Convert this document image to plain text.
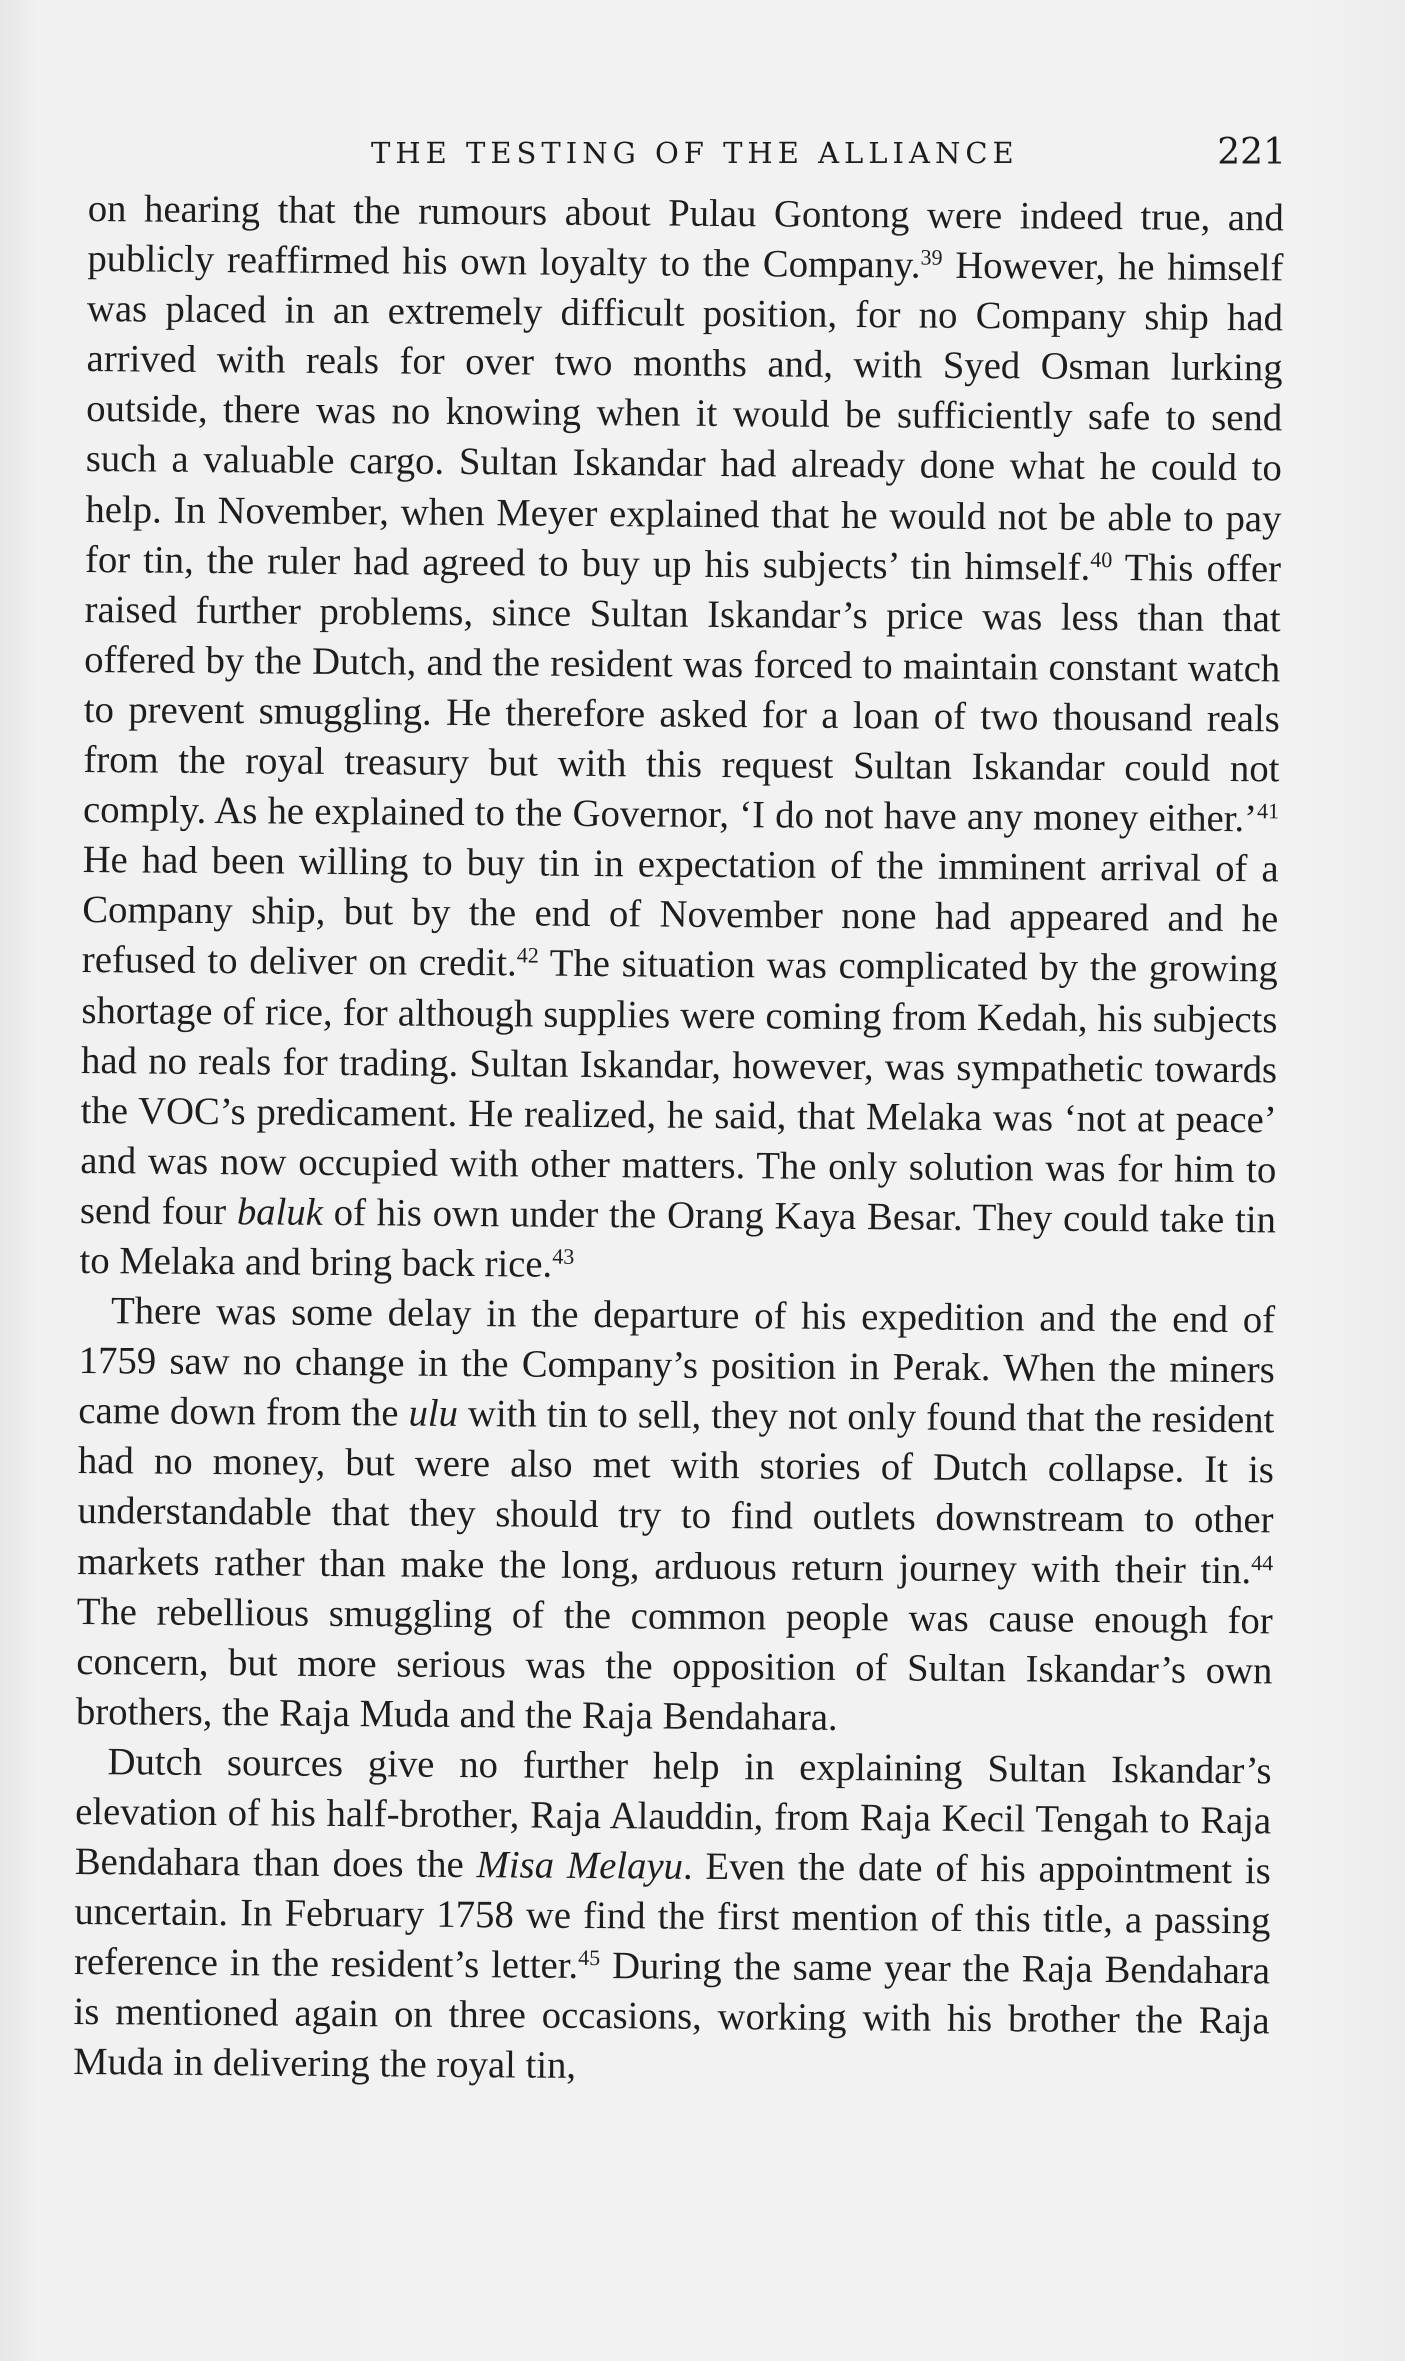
THE TESTING OF THE ALLIANCE	221

on hearing that the rumours about Pulau Gontong were indeed true, and publicly reaffirmed his own loyalty to the Company.$^{39}$ However, he himself was placed in an extremely difficult position, for no Company ship had arrived with reals for over two months and, with Syed Osman lurking outside, there was no knowing when it would be sufficiently safe to send such a valuable cargo. Sultan Iskandar had already done what he could to help. In November, when Meyer explained that he would not be able to pay for tin, the ruler had agreed to buy up his subjects’ tin himself.$^{40}$ This offer raised further problems, since Sultan Iskandar’s price was less than that offered by the Dutch, and the resident was forced to maintain constant watch to prevent smuggling. He therefore asked for a loan of two thousand reals from the royal treasury but with this request Sultan Iskandar could not comply. As he explained to the Governor, ‘I do not have any money either.’$^{41}$ He had been willing to buy tin in expectation of the imminent arrival of a Company ship, but by the end of November none had appeared and he refused to deliver on credit.$^{42}$ The situation was complicated by the growing shortage of rice, for although supplies were coming from Kedah, his subjects had no reals for trading. Sultan Iskandar, however, was sympathetic towards the VOC’s predicament. He realized, he said, that Melaka was ‘not at peace’ and was now occupied with other matters. The only solution was for him to send four baluk of his own under the Orang Kaya Besar. They could take tin to Melaka and bring back rice.$^{43}$

There was some delay in the departure of his expedition and the end of 1759 saw no change in the Company’s position in Perak. When the miners came down from the ulu with tin to sell, they not only found that the resident had no money, but were also met with stories of Dutch collapse. It is understandable that they should try to find outlets downstream to other markets rather than make the long, arduous return journey with their tin.$^{44}$ The rebellious smuggling of the common people was cause enough for concern, but more serious was the opposition of Sultan Iskandar’s own brothers, the Raja Muda and the Raja Bendahara.

Dutch sources give no further help in explaining Sultan Iskandar’s elevation of his half-brother, Raja Alauddin, from Raja Kecil Tengah to Raja Bendahara than does the Misa Melayu. Even the date of his appointment is uncertain. In February 1758 we find the first mention of this title, a passing reference in the resident’s letter.$^{45}$ During the same year the Raja Bendahara is mentioned again on three occasions, working with his brother the Raja Muda in delivering the royal tin,
